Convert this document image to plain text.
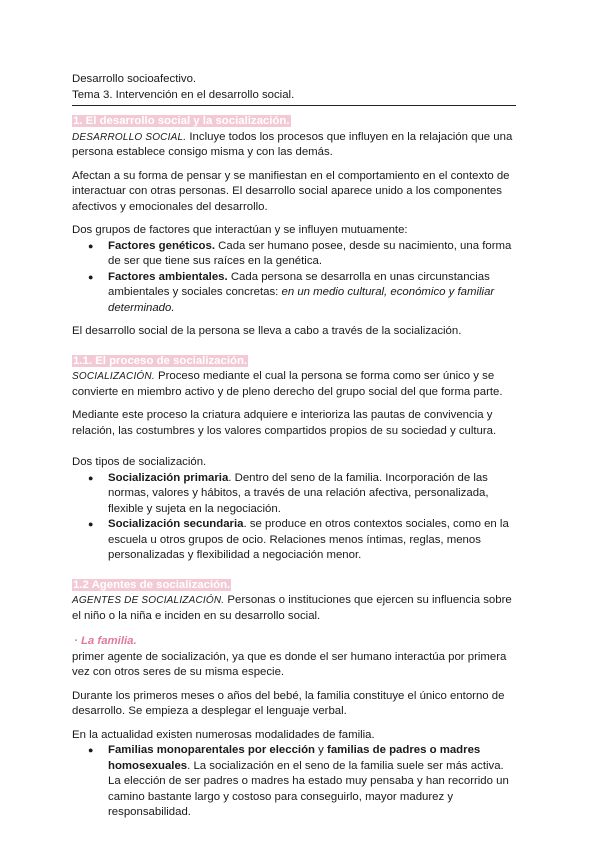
Desarrollo socioafectivo.
Tema 3. Intervención en el desarrollo social.
1. El desarrollo social y la socialización.

DESARROLLO SOCIAL. Incluye todos los procesos que influyen en la relajación que una persona establece consigo misma y con las demás.

Afectan a su forma de pensar y se manifiestan en el comportamiento en el contexto de interactuar con otras personas. El desarrollo social aparece unido a los componentes afectivos y emocionales del desarrollo.

Dos grupos de factores que interactúan y se influyen mutuamente:

● Factores genéticos. Cada ser humano posee, desde su nacimiento, una forma de ser que tiene sus raíces en la genética.
● Factores ambientales. Cada persona se desarrolla en unas circunstancias ambientales y sociales concretas: en un medio cultural, económico y familiar determinado.

El desarrollo social de la persona se lleva a cabo a través de la socialización.

1.1. El proceso de socialización.

SOCIALIZACIÓN. Proceso mediante el cual la persona se forma como ser único y se convierte en miembro activo y de pleno derecho del grupo social del que forma parte.

Mediante este proceso la criatura adquiere e interioriza las pautas de convivencia y relación, las costumbres y los valores compartidos propios de su sociedad y cultura.

Dos tipos de socialización.

● Socialización primaria. Dentro del seno de la familia. Incorporación de las normas, valores y hábitos, a través de una relación afectiva, personalizada, flexible y sujeta en la negociación.
● Socialización secundaria. se produce en otros contextos sociales, como en la escuela u otros grupos de ocio. Relaciones menos íntimas, reglas, menos personalizadas y flexibilidad a negociación menor.
1.2 Agentes de socialización.

AGENTES DE SOCIALIZACIÓN. Personas o instituciones que ejercen su influencia sobre el niño o la niña e inciden en su desarrollo social.

· La familia.

primer agente de socialización, ya que es donde el ser humano interactúa por primera vez con otros seres de su misma especie.

Durante los primeros meses o años del bebé, la familia constituye el único entorno de desarrollo. Se empieza a desplegar el lenguaje verbal.

En la actualidad existen numerosas modalidades de familia.

● Familias monoparentales por elección y familias de padres o madres homosexuales. La socialización en el seno de la familia suele ser más activa. La elección de ser padres o madres ha estado muy pensaba y han recorrido un camino bastante largo y costoso para conseguirlo, mayor madurez y responsabilidad.
